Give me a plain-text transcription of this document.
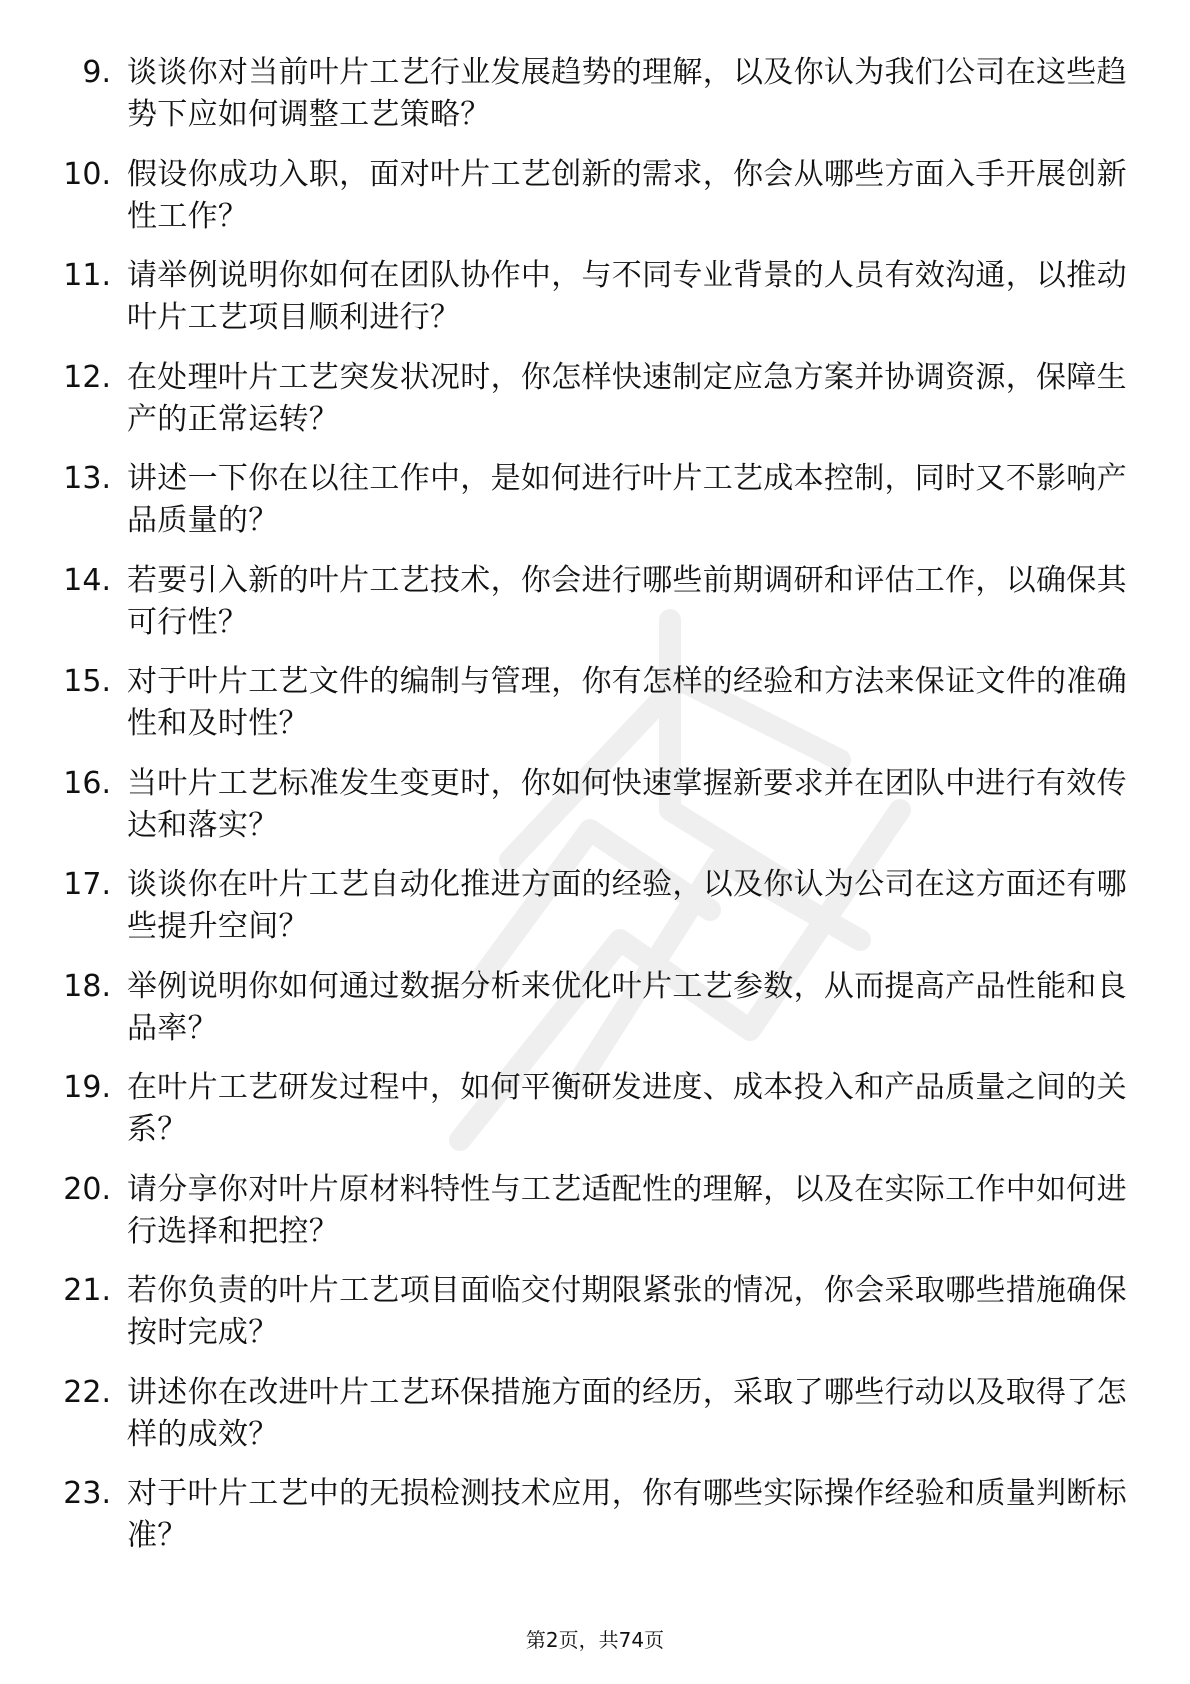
9. 谈谈你对当前叶片工艺行业发展趋势的理解，以及你认为我们公司在这些趋势下应如何调整工艺策略？
10. 假设你成功入职，面对叶片工艺创新的需求，你会从哪些方面入手开展创新性工作？
11. 请举例说明你如何在团队协作中，与不同专业背景的人员有效沟通，以推动叶片工艺项目顺利进行？
12. 在处理叶片工艺突发状况时，你怎样快速制定应急方案并协调资源，保障生产的正常运转？
13. 讲述一下你在以往工作中，是如何进行叶片工艺成本控制，同时又不影响产品质量的？
14. 若要引入新的叶片工艺技术，你会进行哪些前期调研和评估工作，以确保其可行性？
15. 对于叶片工艺文件的编制与管理，你有怎样的经验和方法来保证文件的准确性和及时性？
16. 当叶片工艺标准发生变更时，你如何快速掌握新要求并在团队中进行有效传达和落实？
17. 谈谈你在叶片工艺自动化推进方面的经验，以及你认为公司在这方面还有哪些提升空间？
18. 举例说明你如何通过数据分析来优化叶片工艺参数，从而提高产品性能和良品率？
19. 在叶片工艺研发过程中，如何平衡研发进度、成本投入和产品质量之间的关系？
20. 请分享你对叶片原材料特性与工艺适配性的理解，以及在实际工作中如何进行选择和把控？
21. 若你负责的叶片工艺项目面临交付期限紧张的情况，你会采取哪些措施确保按时完成？
22. 讲述你在改进叶片工艺环保措施方面的经历，采取了哪些行动以及取得了怎样的成效？
23. 对于叶片工艺中的无损检测技术应用，你有哪些实际操作经验和质量判断标准？
第2页，共74页
